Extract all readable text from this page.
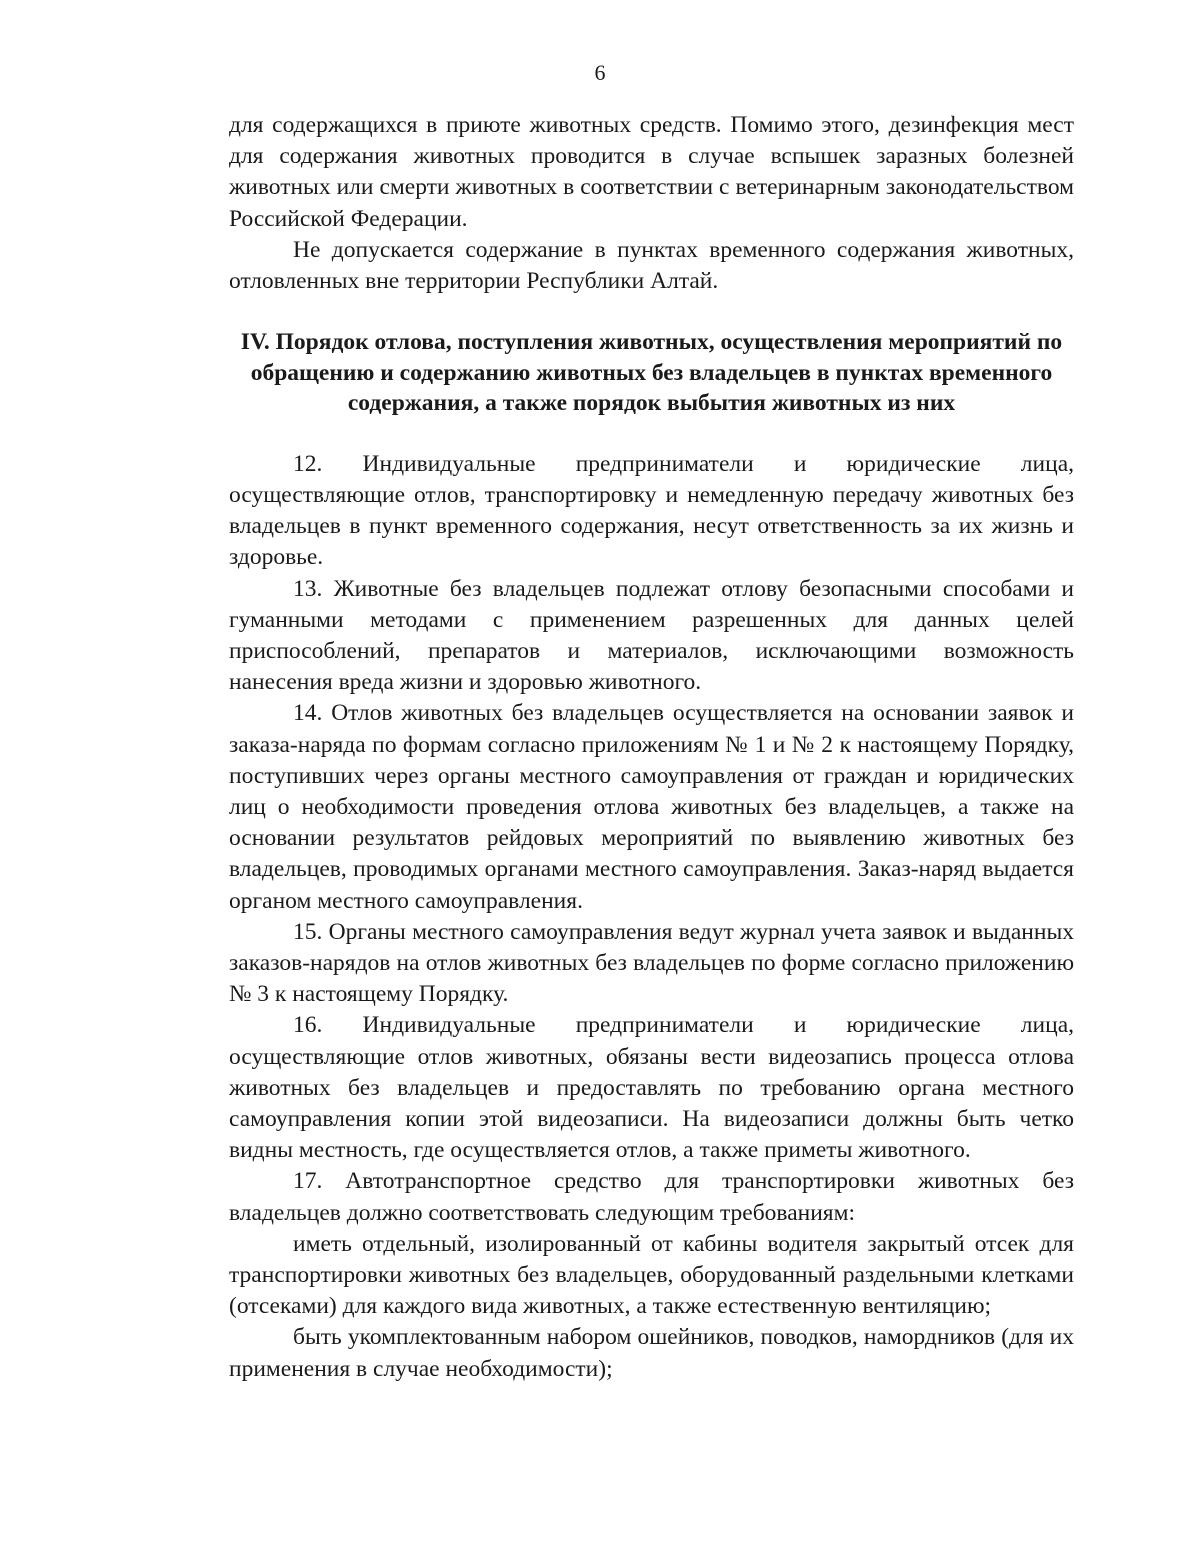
6

для содержащихся в приюте животных средств. Помимо этого, дезинфекция мест для содержания животных проводится в случае вспышек заразных болезней животных или смерти животных в соответствии с ветеринарным законодательством Российской Федерации.

Не допускается содержание в пунктах временного содержания животных, отловленных вне территории Республики Алтай.

IV. Порядок отлова, поступления животных, осуществления мероприятий по обращению и содержанию животных без владельцев в пунктах временного содержания, а также порядок выбытия животных из них

12. Индивидуальные предприниматели и юридические лица, осуществляющие отлов, транспортировку и немедленную передачу животных без владельцев в пункт временного содержания, несут ответственность за их жизнь и здоровье.

13. Животные без владельцев подлежат отлову безопасными способами и гуманными методами с применением разрешенных для данных целей приспособлений, препаратов и материалов, исключающими возможность нанесения вреда жизни и здоровью животного.

14. Отлов животных без владельцев осуществляется на основании заявок и заказа-наряда по формам согласно приложениям № 1 и № 2 к настоящему Порядку, поступивших через органы местного самоуправления от граждан и юридических лиц о необходимости проведения отлова животных без владельцев, а также на основании результатов рейдовых мероприятий по выявлению животных без владельцев, проводимых органами местного самоуправления. Заказ-наряд выдается органом местного самоуправления.

15. Органы местного самоуправления ведут журнал учета заявок и выданных заказов-нарядов на отлов животных без владельцев по форме согласно приложению № 3 к настоящему Порядку.

16. Индивидуальные предприниматели и юридические лица, осуществляющие отлов животных, обязаны вести видеозапись процесса отлова животных без владельцев и предоставлять по требованию органа местного самоуправления копии этой видеозаписи. На видеозаписи должны быть четко видны местность, где осуществляется отлов, а также приметы животного.

17. Автотранспортное средство для транспортировки животных без владельцев должно соответствовать следующим требованиям:

иметь отдельный, изолированный от кабины водителя закрытый отсек для транспортировки животных без владельцев, оборудованный раздельными клетками (отсеками) для каждого вида животных, а также естественную вентиляцию;

быть укомплектованным набором ошейников, поводков, намордников (для их применения в случае необходимости);
